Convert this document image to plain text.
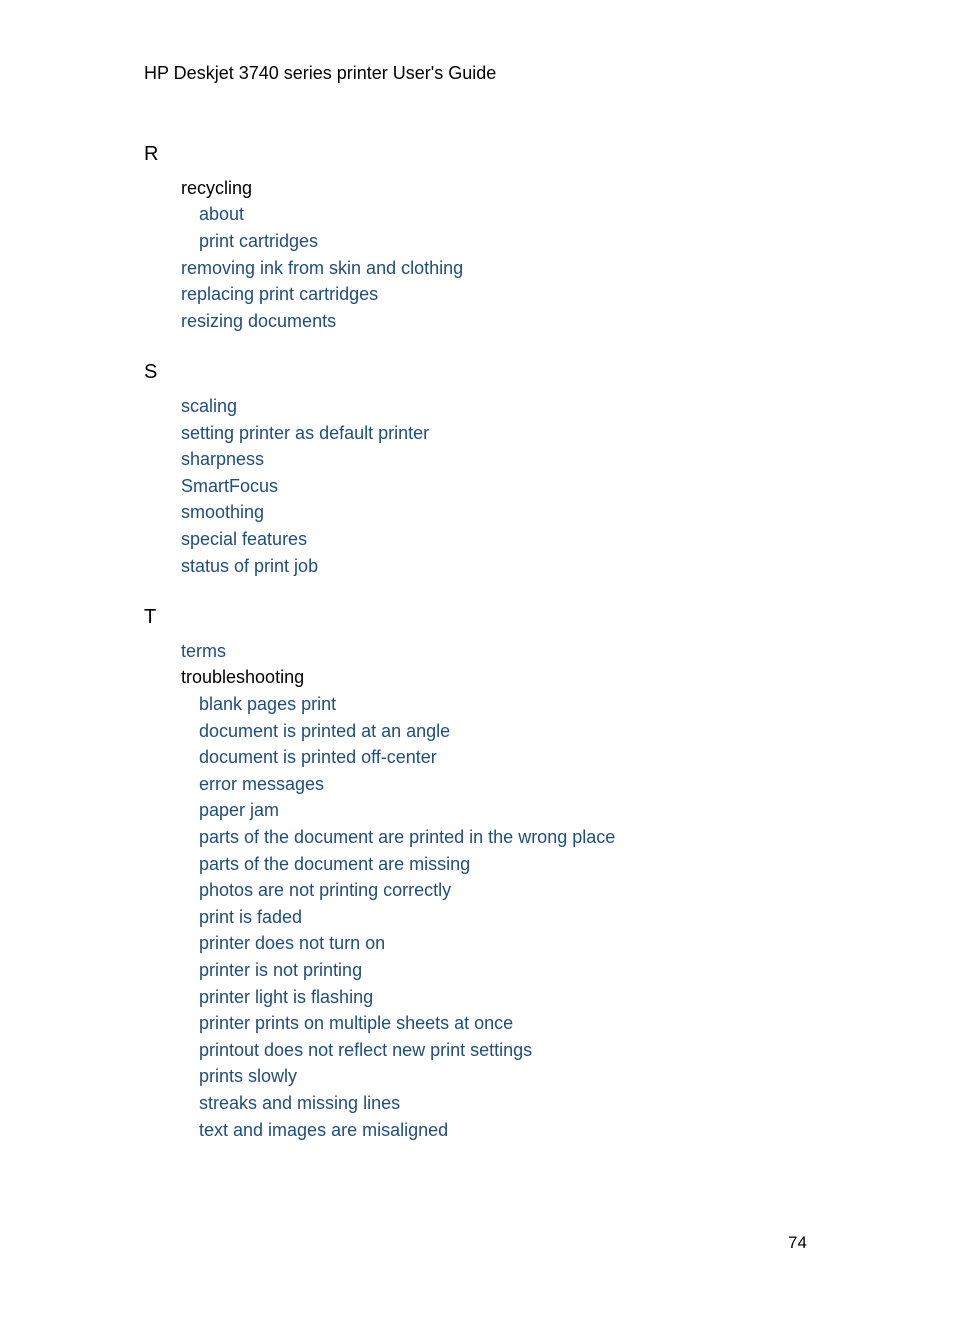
HP Deskjet 3740 series printer User's Guide
R
recycling
about
print cartridges
removing ink from skin and clothing
replacing print cartridges
resizing documents
S
scaling
setting printer as default printer
sharpness
SmartFocus
smoothing
special features
status of print job
T
terms
troubleshooting
blank pages print
document is printed at an angle
document is printed off-center
error messages
paper jam
parts of the document are printed in the wrong place
parts of the document are missing
photos are not printing correctly
print is faded
printer does not turn on
printer is not printing
printer light is flashing
printer prints on multiple sheets at once
printout does not reflect new print settings
prints slowly
streaks and missing lines
text and images are misaligned
74
